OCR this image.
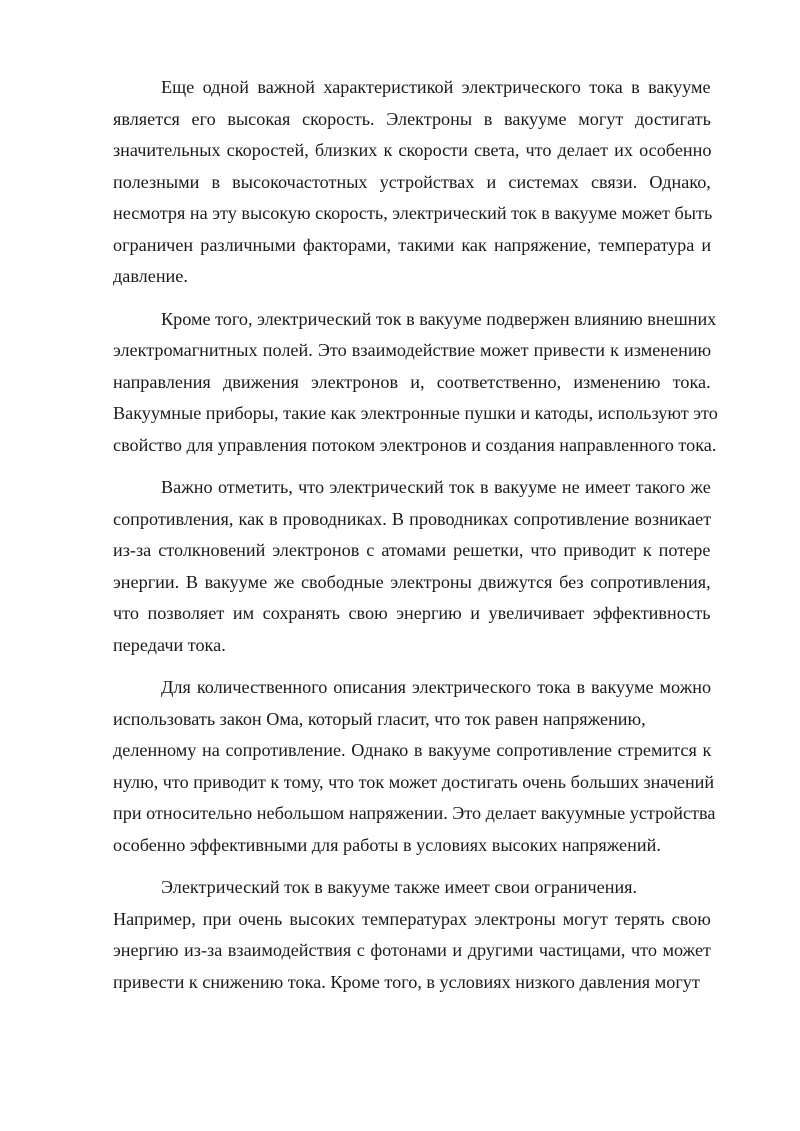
Еще одной важной характеристикой электрического тока в вакууме
является его высокая скорость. Электроны в вакууме могут достигать
значительных скоростей, близких к скорости света, что делает их особенно
полезными в высокочастотных устройствах и системах связи. Однако,
несмотря на эту высокую скорость, электрический ток в вакууме может быть
ограничен различными факторами, такими как напряжение, температура и
давление.
Кроме того, электрический ток в вакууме подвержен влиянию внешних
электромагнитных полей. Это взаимодействие может привести к изменению
направления движения электронов и, соответственно, изменению тока.
Вакуумные приборы, такие как электронные пушки и катоды, используют это
свойство для управления потоком электронов и создания направленного тока.
Важно отметить, что электрический ток в вакууме не имеет такого же
сопротивления, как в проводниках. В проводниках сопротивление возникает
из-за столкновений электронов с атомами решетки, что приводит к потере
энергии. В вакууме же свободные электроны движутся без сопротивления,
что позволяет им сохранять свою энергию и увеличивает эффективность
передачи тока.
Для количественного описания электрического тока в вакууме можно
использовать закон Ома, который гласит, что ток равен напряжению,
деленному на сопротивление. Однако в вакууме сопротивление стремится к
нулю, что приводит к тому, что ток может достигать очень больших значений
при относительно небольшом напряжении. Это делает вакуумные устройства
особенно эффективными для работы в условиях высоких напряжений.
Электрический ток в вакууме также имеет свои ограничения.
Например, при очень высоких температурах электроны могут терять свою
энергию из-за взаимодействия с фотонами и другими частицами, что может
привести к снижению тока. Кроме того, в условиях низкого давления могут
